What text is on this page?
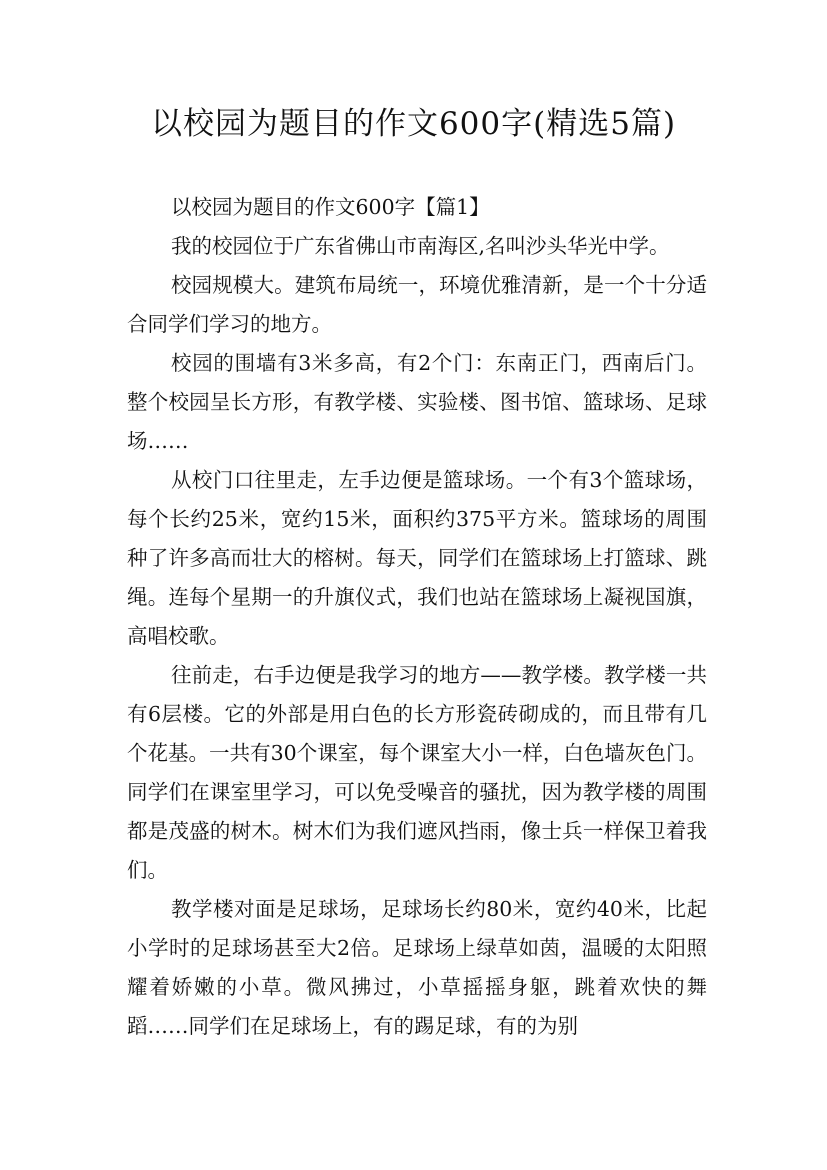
以校园为题目的作文600字(精选5篇)

以校园为题目的作文600字【篇1】

我的校园位于广东省佛山市南海区,名叫沙头华光中学。

校园规模大。建筑布局统一，环境优雅清新，是一个十分适合同学们学习的地方。

校园的围墙有3米多高，有2个门：东南正门，西南后门。整个校园呈长方形，有教学楼、实验楼、图书馆、篮球场、足球场……

从校门口往里走，左手边便是篮球场。一个有3个篮球场，每个长约25米，宽约15米，面积约375平方米。篮球场的周围种了许多高而壮大的榕树。每天，同学们在篮球场上打篮球、跳绳。连每个星期一的升旗仪式，我们也站在篮球场上凝视国旗，高唱校歌。

往前走，右手边便是我学习的地方——教学楼。教学楼一共有6层楼。它的外部是用白色的长方形瓷砖砌成的，而且带有几个花基。一共有30个课室，每个课室大小一样，白色墙灰色门。同学们在课室里学习，可以免受噪音的骚扰，因为教学楼的周围都是茂盛的树木。树木们为我们遮风挡雨，像士兵一样保卫着我们。

教学楼对面是足球场，足球场长约80米，宽约40米，比起小学时的足球场甚至大2倍。足球场上绿草如茵，温暖的太阳照耀着娇嫩的小草。微风拂过，小草摇摇身躯，跳着欢快的舞蹈……同学们在足球场上，有的踢足球，有的为别
